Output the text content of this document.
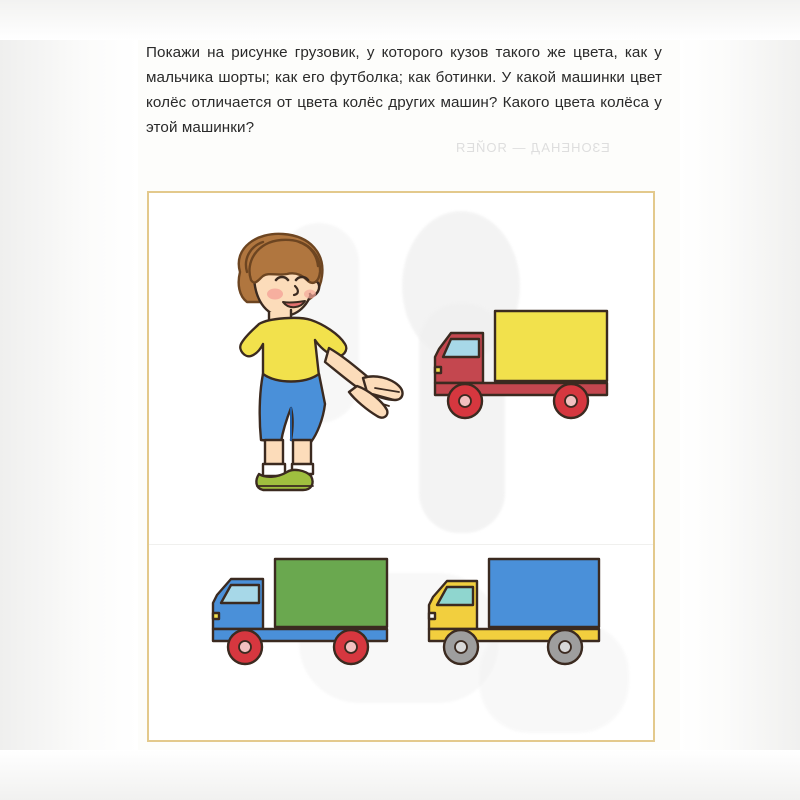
ЕЗОНЕНАД — ЯОЙЕЯ

Покажи на рисунке грузовик, у которого кузов такого же цвета, как у мальчика шорты; как его футболка; как ботинки. У какой машинки цвет колёс отличается от цвета колёс других машин? Какого цвета колёса у этой машинки?
